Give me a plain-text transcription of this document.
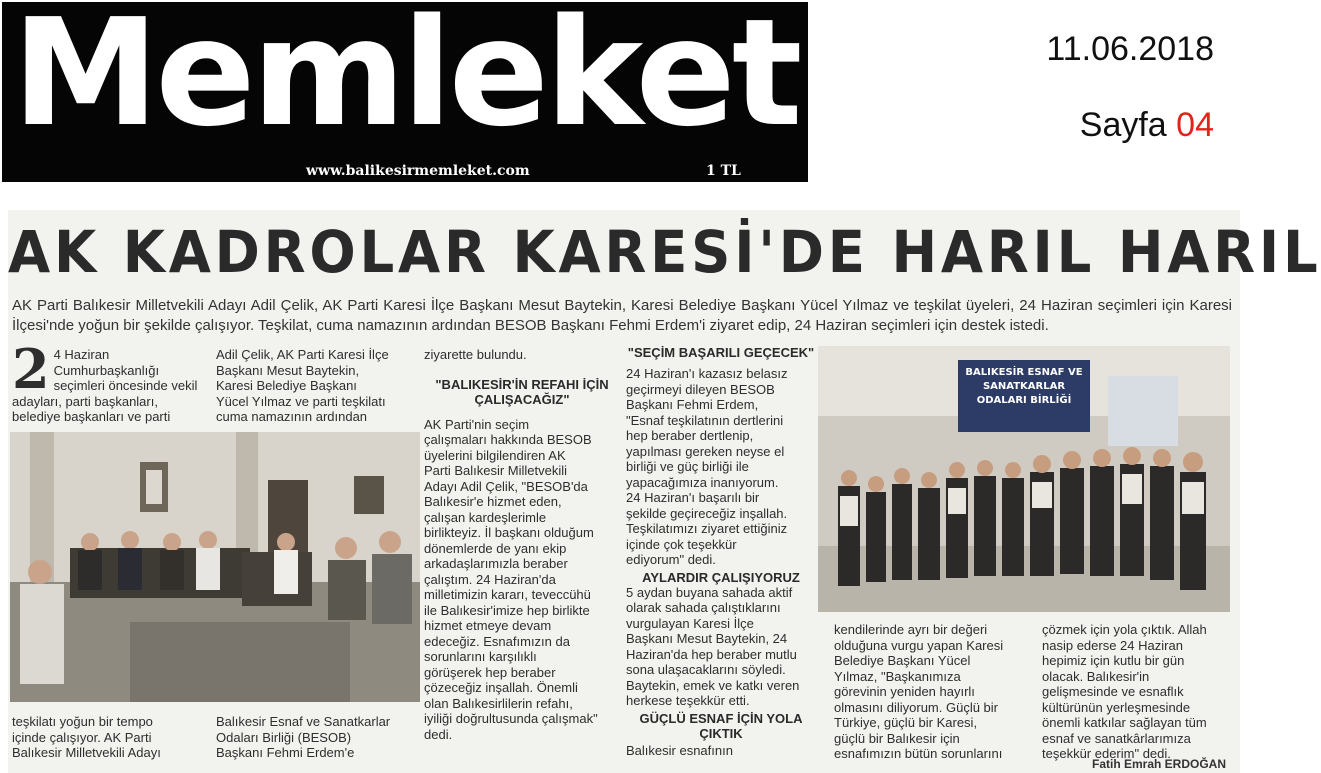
Memleket
www.balikesirmemleket.com	1 TL
11.06.2018
Sayfa 04
AK KADROLAR KARESİ'DE HARIL HARIL
AK Parti Balıkesir Milletvekili Adayı Adil Çelik, AK Parti Karesi İlçe Başkanı Mesut Baytekin, Karesi Belediye Başkanı Yücel Yılmaz ve teşkilat üyeleri, 24 Haziran seçimleri için Karesi İlçesi'nde yoğun bir şekilde çalışıyor. Teşkilat, cuma namazının ardından BESOB Başkanı Fehmi Erdem'i ziyaret edip, 24 Haziran seçimleri için destek istedi.
2 4 Haziran
Cumhurbaşkanlığı
seçimleri öncesinde vekil
adayları, parti başkanları,
belediye başkanları ve parti

Adil Çelik, AK Parti Karesi İlçe
Başkanı Mesut Baytekin,
Karesi Belediye Başkanı
Yücel Yılmaz ve parti teşkilatı
cuma namazının ardından

teşkilatı yoğun bir tempo
içinde çalışıyor. AK Parti
Balıkesir Milletvekili Adayı

Balıkesir Esnaf ve Sanatkarlar
Odaları Birliği (BESOB)
Başkanı Fehmi Erdem'e

ziyarette bulundu.

"BALIKESİR'İN REFAHI İÇİN ÇALIŞACAĞIZ"

AK Parti'nin seçim
çalışmaları hakkında BESOB
üyelerini bilgilendiren AK
Parti Balıkesir Milletvekili
Adayı Adil Çelik, "BESOB'da
Balıkesir'e hizmet eden,
çalışan kardeşlerimle
birlikteyiz. İl başkanı olduğum
dönemlerde de yanı ekip
arkadaşlarımızla beraber
çalıştım. 24 Haziran'da
milletimizin kararı, teveccühü
ile Balıkesir'imize hep birlikte
hizmet etmeye devam
edeceğiz. Esnafımızın da
sorunlarını karşılıklı
görüşerek hep beraber
çözeceğiz inşallah. Önemli
olan Balıkesirlilerin refahı,
iyiliği doğrultusunda çalışmak"
dedi.

"SEÇİM BAŞARILI GEÇECEK"

24 Haziran'ı kazasız belasız
geçirmeyi dileyen BESOB
Başkanı Fehmi Erdem,
"Esnaf teşkilatının dertlerini
hep beraber dertlenip,
yapılması gereken neyse el
birliği ve güç birliği ile
yapacağımıza inanıyorum.
24 Haziran'ı başarılı bir
şekilde geçireceğiz inşallah.
Teşkilatımızı ziyaret ettiğiniz
içinde çok teşekkür
ediyorum" dedi.

AYLARDIR ÇALIŞIYORUZ

5 aydan buyana sahada aktif
olarak sahada çalıştıklarını
vurgulayan Karesi İlçe
Başkanı Mesut Baytekin, 24
Haziran'da hep beraber mutlu
sona ulaşacaklarını söyledi.
Baytekin, emek ve katkı veren
herkese teşekkür etti.

GÜÇLÜ ESNAF İÇİN YOLA ÇIKTIK

Balıkesir esnafının

BALIKESİR ESNAF VE SANATKARLAR ODALARI BİRLİĞİ

kendilerinde ayrı bir değeri
olduğuna vurgu yapan Karesi
Belediye Başkanı Yücel
Yılmaz, "Başkanımıza
görevinin yeniden hayırlı
olmasını diliyorum. Güçlü bir
Türkiye, güçlü bir Karesi,
güçlü bir Balıkesir için
esnafımızın bütün sorunlarını

çözmek için yola çıktık. Allah
nasip ederse 24 Haziran
hepimiz için kutlu bir gün
olacak. Balıkesir'in
gelişmesinde ve esnaflık
kültürünün yerleşmesinde
önemli katkılar sağlayan tüm
esnaf ve sanatkârlarımıza
teşekkür ederim" dedi.

Fatih Emrah ERDOĞAN
